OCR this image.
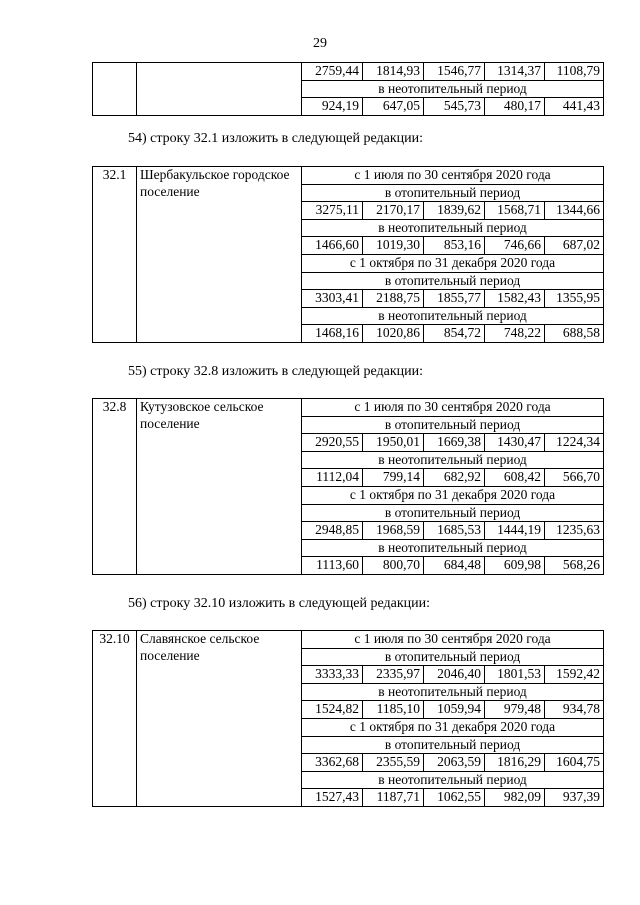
29
		2759,44	1814,93	1546,77	1314,37	1108,79
		в неотопительный период				
		924,19	647,05	545,73	480,17	441,43
54) строку 32.1 изложить в следующей редакции:
32.1	Шербакульское городское поселение	с 1 июля по 30 сентября 2020 года				
		в отопительный период				
		3275,11	2170,17	1839,62	1568,71	1344,66
		в неотопительный период				
		1466,60	1019,30	853,16	746,66	687,02
		с 1 октября по 31 декабря 2020 года				
		в отопительный период				
		3303,41	2188,75	1855,77	1582,43	1355,95
		в неотопительный период				
		1468,16	1020,86	854,72	748,22	688,58
55) строку 32.8 изложить в следующей редакции:
32.8	Кутузовское сельское поселение	с 1 июля по 30 сентября 2020 года				
		в отопительный период				
		2920,55	1950,01	1669,38	1430,47	1224,34
		в неотопительный период				
		1112,04	799,14	682,92	608,42	566,70
		с 1 октября по 31 декабря 2020 года				
		в отопительный период				
		2948,85	1968,59	1685,53	1444,19	1235,63
		в неотопительный период				
		1113,60	800,70	684,48	609,98	568,26
56) строку 32.10 изложить в следующей редакции:
32.10	Славянское сельское поселение	с 1 июля по 30 сентября 2020 года				
		в отопительный период				
		3333,33	2335,97	2046,40	1801,53	1592,42
		в неотопительный период				
		1524,82	1185,10	1059,94	979,48	934,78
		с 1 октября по 31 декабря 2020 года				
		в отопительный период				
		3362,68	2355,59	2063,59	1816,29	1604,75
		в неотопительный период				
		1527,43	1187,71	1062,55	982,09	937,39
